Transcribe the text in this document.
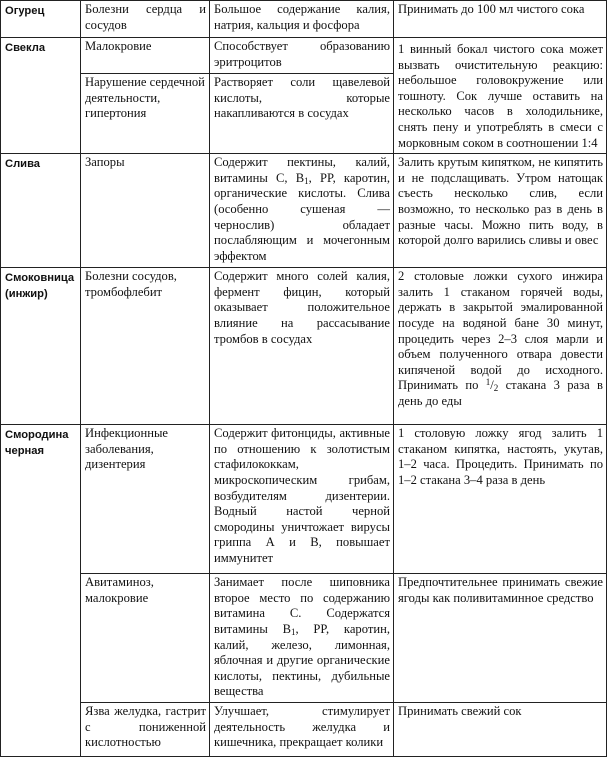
Огурец	Болезни сердца и сосудов	Большое содержание калия, натрия, кальция и фосфора	Принимать до 100 мл чистого сока
Свекла	Малокровие	Способствует образованию эритроцитов	1 винный бокал чистого сока может вызвать очистительную реакцию: небольшое головокружение или тошноту. Сок лучше оставить на несколько часов в холодильнике, снять пену и употреблять в смеси с морковным соком в соотношении 1:4
	Нарушение сердечной деятельности, гипертония	Растворяет соли щавелевой кислоты, которые накапливаются в сосудах	
Слива	Запоры	Содержит пектины, калий, витамины С, $B_1$, PP, каротин, органические кислоты. Слива (особенно сушеная — чернослив) обладает послабляющим и мочегонным эффектом	Залить крутым кипятком, не кипятить и не подслащивать. Утром натощак съесть несколько слив, если возможно, то несколько раз в день в разные часы. Можно пить воду, в которой долго варились сливы и овес
Смоковница (инжир)	Болезни сосудов, тромбофлебит	Содержит много солей калия, фермент фицин, который оказывает положительное влияние на рассасывание тромбов в сосудах	2 столовые ложки сухого инжира залить 1 стаканом горячей воды, держать в закрытой эмалированной посуде на водяной бане 30 минут, процедить через 2–3 слоя марли и объем полученного отвара довести кипяченой водой до исходного. Принимать по $^1/_2$ стакана 3 раза в день до еды
Смородина черная	Инфекционные заболевания, дизентерия	Содержит фитонциды, активные по отношению к золотистым стафилококкам, микроскопическим грибам, возбудителям дизентерии. Водный настой черной смородины уничтожает вирусы гриппа А и В, повышает иммунитет	1 столовую ложку ягод залить 1 стаканом кипятка, настоять, укутав, 1–2 часа. Процедить. Принимать по 1–2 стакана 3–4 раза в день
	Авитаминоз, малокровие	Занимает после шиповника второе место по содержанию витамина С. Содержатся витамины $B_1$, PP, каротин, калий, железо, лимонная, яблочная и другие органические кислоты, пектины, дубильные вещества	Предпочтительнее принимать свежие ягоды как поливитаминное средство
	Язва желудка, гастрит с пониженной кислотностью	Улучшает, стимулирует деятельность желудка и кишечника, прекращает колики	Принимать свежий сок
